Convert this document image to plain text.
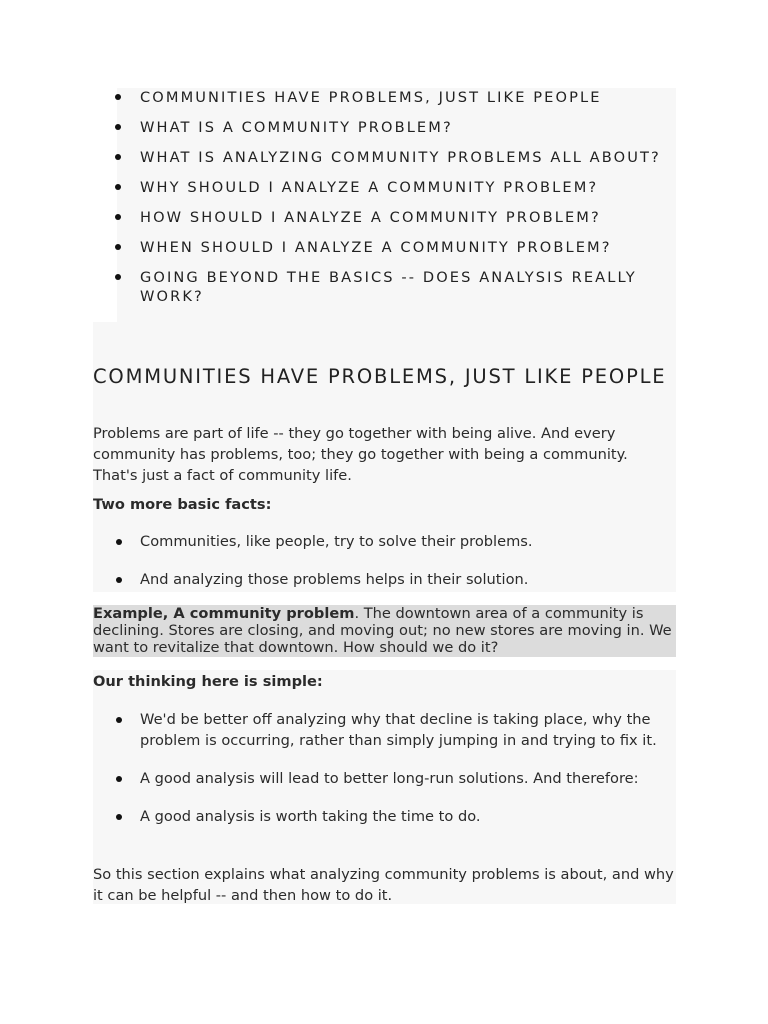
COMMUNITIES HAVE PROBLEMS, JUST LIKE PEOPLE
WHAT IS A COMMUNITY PROBLEM?
WHAT IS ANALYZING COMMUNITY PROBLEMS ALL ABOUT?
WHY SHOULD I ANALYZE A COMMUNITY PROBLEM?
HOW SHOULD I ANALYZE A COMMUNITY PROBLEM?
WHEN SHOULD I ANALYZE A COMMUNITY PROBLEM?
GOING BEYOND THE BASICS -- DOES ANALYSIS REALLY WORK?
COMMUNITIES HAVE PROBLEMS, JUST LIKE PEOPLE

Problems are part of life -- they go together with being alive. And every community has problems, too; they go together with being a community. That's just a fact of community life.

Two more basic facts:

Communities, like people, try to solve their problems.
And analyzing those problems helps in their solution.

Example, A community problem. The downtown area of a community is declining. Stores are closing, and moving out; no new stores are moving in. We want to revitalize that downtown. How should we do it?

Our thinking here is simple:

We'd be better off analyzing why that decline is taking place, why the problem is occurring, rather than simply jumping in and trying to fix it.
A good analysis will lead to better long-run solutions. And therefore:
A good analysis is worth taking the time to do.

So this section explains what analyzing community problems is about, and why it can be helpful -- and then how to do it.
